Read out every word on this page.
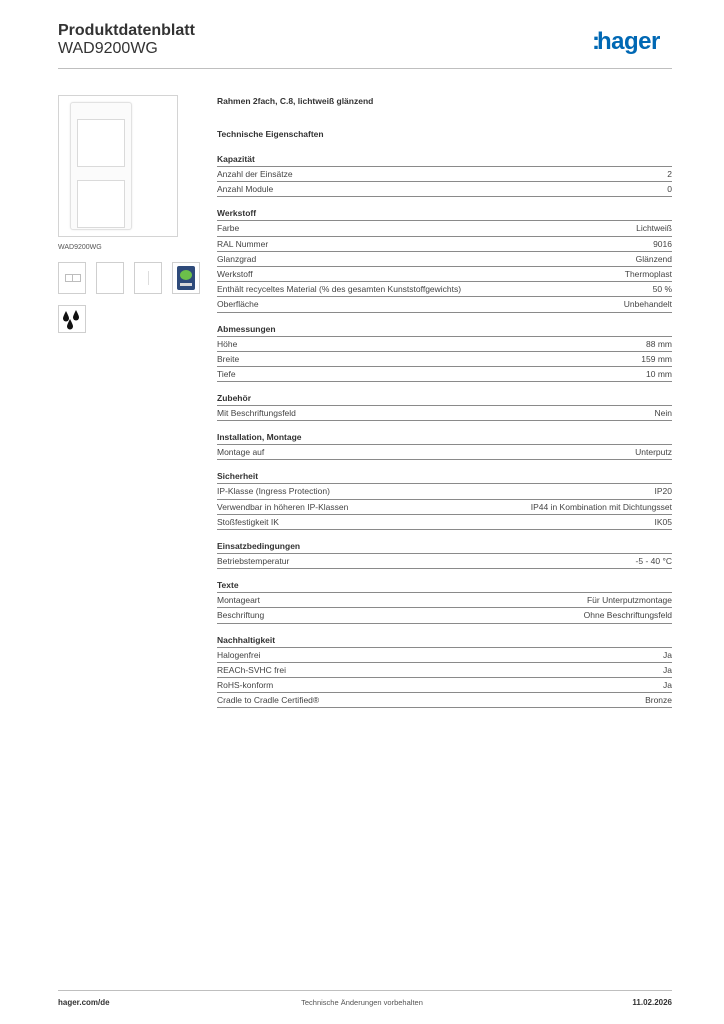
Produktdatenblatt
WAD9200WG	:hager
WAD9200WG
Rahmen 2fach, C.8, lichtweiß glänzend
Technische Eigenschaften
Kapazität
Anzahl der Einsätze	2
Anzahl Module	0
Werkstoff
Farbe	Lichtweiß
RAL Nummer	9016
Glanzgrad	Glänzend
Werkstoff	Thermoplast
Enthält recyceltes Material (% des gesamten Kunststoffgewichts)	50 %
Oberfläche	Unbehandelt
Abmessungen
Höhe	88 mm
Breite	159 mm
Tiefe	10 mm
Zubehör
Mit Beschriftungsfeld	Nein
Installation, Montage
Montage auf	Unterputz
Sicherheit
IP-Klasse (Ingress Protection)	IP20
Verwendbar in höheren IP-Klassen	IP44 in Kombination mit Dichtungsset
Stoßfestigkeit IK	IK05
Einsatzbedingungen
Betriebstemperatur	-5 - 40 °C
Texte
Montageart	Für Unterputzmontage
Beschriftung	Ohne Beschriftungsfeld
Nachhaltigkeit
Halogenfrei	Ja
REACh-SVHC frei	Ja
RoHS-konform	Ja
Cradle to Cradle Certified®	Bronze
hager.com/de	Technische Änderungen vorbehalten	11.02.2026
